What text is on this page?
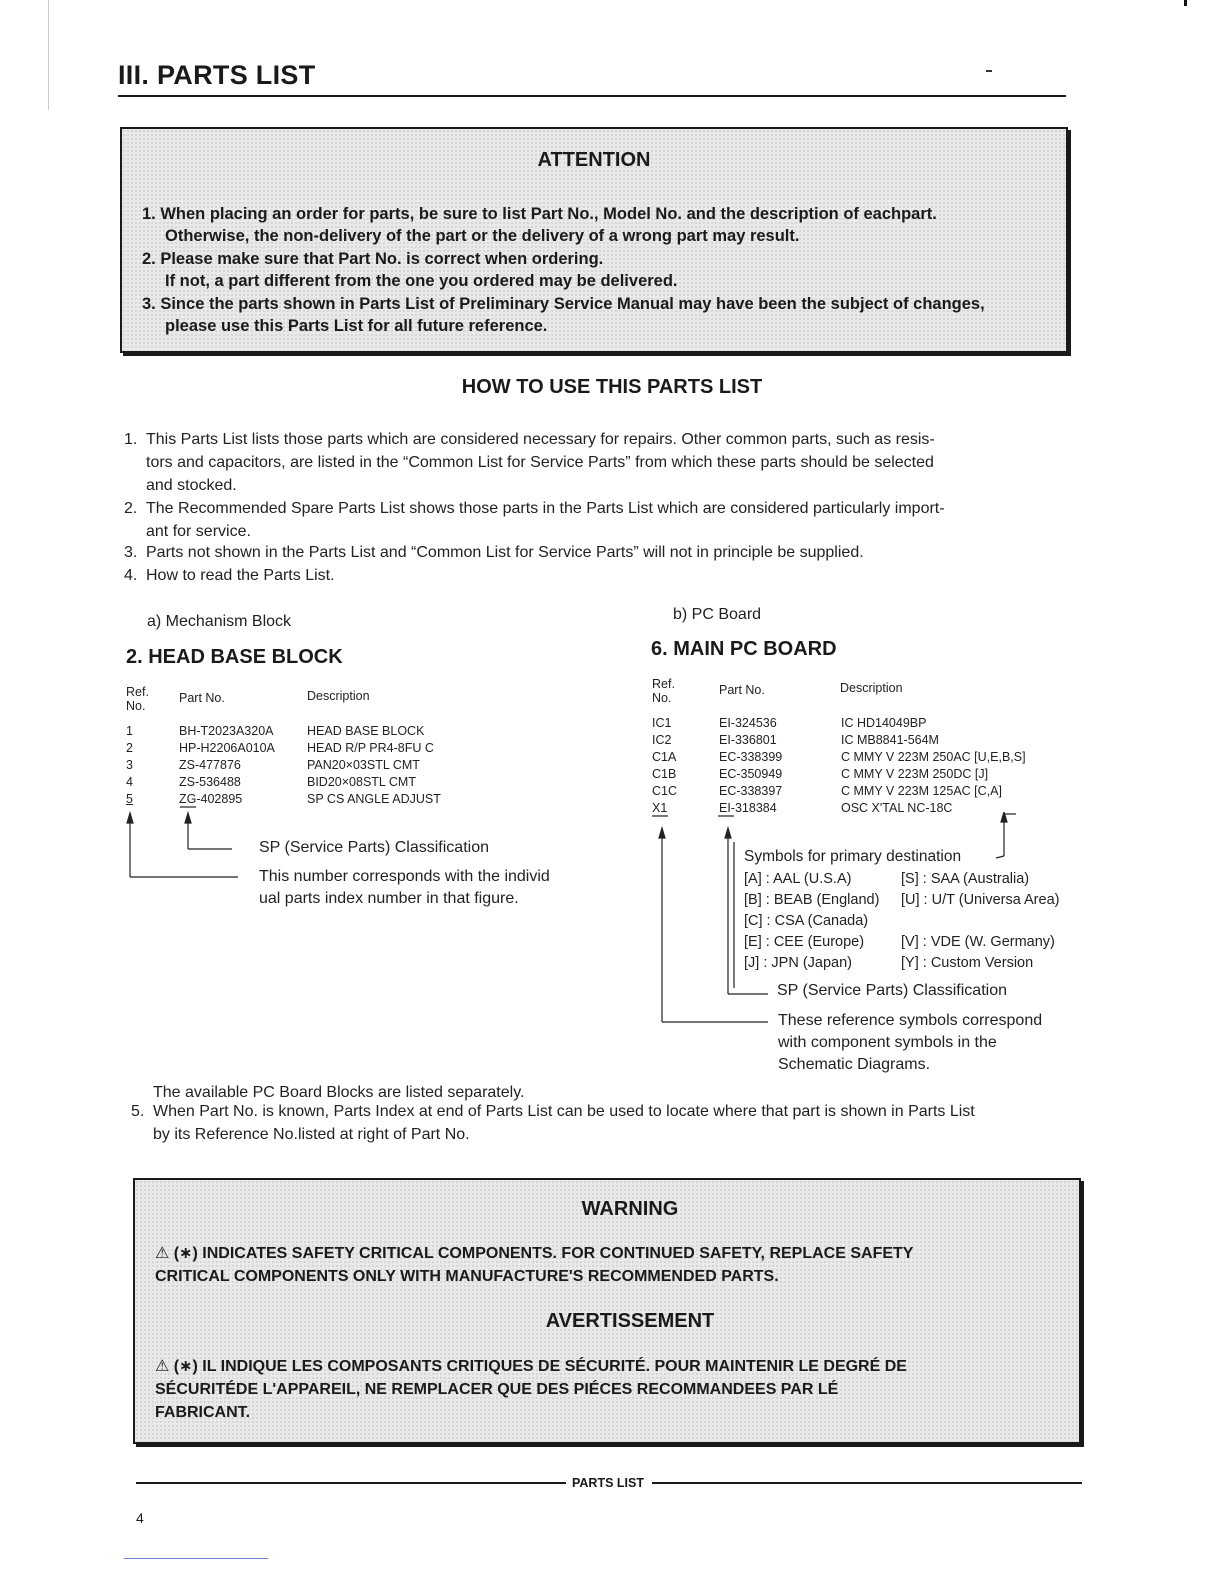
III. PARTS LIST
ATTENTION
1. When placing an order for parts, be sure to list Part No., Model No. and the description of eachpart.
Otherwise, the non-delivery of the part or the delivery of a wrong part may result.
2. Please make sure that Part No. is correct when ordering.
If not, a part different from the one you ordered may be delivered.
3. Since the parts shown in Parts List of Preliminary Service Manual may have been the subject of changes,
please use this Parts List for all future reference.
HOW TO USE THIS PARTS LIST
1. This Parts List lists those parts which are considered necessary for repairs. Other common parts, such as resis-
tors and capacitors, are listed in the “Common List for Service Parts” from which these parts should be selected
and stocked.
2. The Recommended Spare Parts List shows those parts in the Parts List which are considered particularly import-
ant for service.
3. Parts not shown in the Parts List and “Common List for Service Parts” will not in principle be supplied.
4. How to read the Parts List.
a) Mechanism Block
2. HEAD BASE BLOCK
Ref.
No.
Part No.	Description
1	BH-T2023A320A	HEAD BASE BLOCK
2	HP-H2206A010A	HEAD R/P PR4-8FU C
3	ZS-477876	PAN20×03STL CMT
4	ZS-536488	BID20×08STL CMT
5	ZG-402895	SP CS ANGLE ADJUST
SP (Service Parts) Classification
This number corresponds with the individ
ual parts index number in that figure.
b) PC Board
6. MAIN PC BOARD
Ref.
No.
Part No.	Description
IC1	EI-324536	IC HD14049BP
IC2	EI-336801	IC MB8841-564M
C1A	EC-338399	C MMY V 223M 250AC [U,E,B,S]
C1B	EC-350949	C MMY V 223M 250DC [J]
C1C	EC-338397	C MMY V 223M 125AC [C,A]
X1	EI-318384	OSC X'TAL NC-18C
Symbols for primary destination
[A] : AAL (U.S.A)	[S] : SAA (Australia)
[B] : BEAB (England)	[U] : U/T (Universa Area)
[C] : CSA (Canada)
[E] : CEE (Europe)	[V] : VDE (W. Germany)
[J] : JPN (Japan)	[Y] : Custom Version
SP (Service Parts) Classification
These reference symbols correspond
with component symbols in the
Schematic Diagrams.
The available PC Board Blocks are listed separately.
5. When Part No. is known, Parts Index at end of Parts List can be used to locate where that part is shown in Parts List
by its Reference No.listed at right of Part No.
WARNING
⚠ (∗) INDICATES SAFETY CRITICAL COMPONENTS. FOR CONTINUED SAFETY, REPLACE SAFETY
CRITICAL COMPONENTS ONLY WITH MANUFACTURE'S RECOMMENDED PARTS.
AVERTISSEMENT
⚠ (∗) IL INDIQUE LES COMPOSANTS CRITIQUES DE SÉCURITÉ. POUR MAINTENIR LE DEGRÉ DE
SÉCURITÉDE L'APPAREIL, NE REMPLACER QUE DES PIÉCES RECOMMANDEES PAR LÉ
FABRICANT.
PARTS LIST
4
